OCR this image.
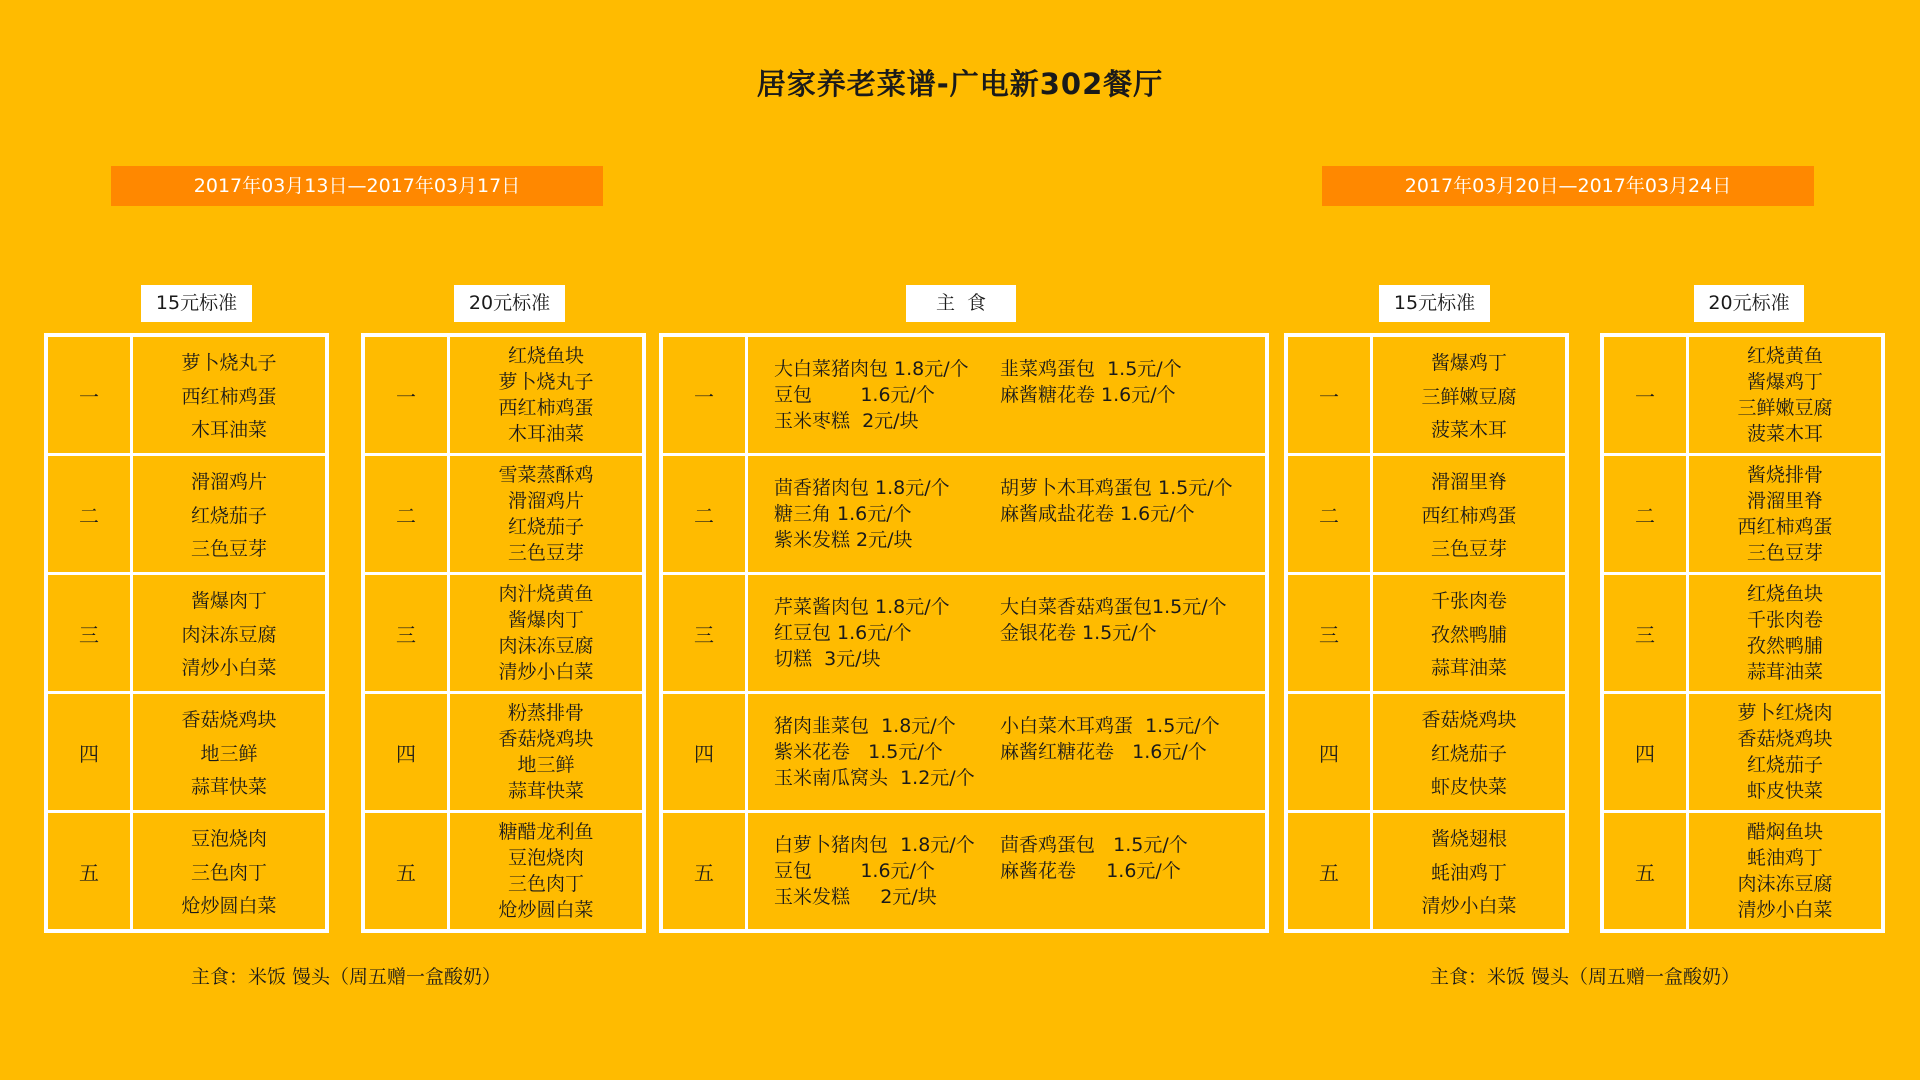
居家养老菜谱-广电新302餐厅
2017年03月13日—2017年03月17日	2017年03月20日—2017年03月24日
15元标准	20元标准	主  食	15元标准	20元标准
一
萝卜烧丸子
西红柿鸡蛋
木耳油菜
二
滑溜鸡片
红烧茄子
三色豆芽
三
酱爆肉丁
肉沫冻豆腐
清炒小白菜
四
香菇烧鸡块
地三鲜
蒜茸快菜
五
豆泡烧肉
三色肉丁
炝炒圆白菜
一
红烧鱼块
萝卜烧丸子
西红柿鸡蛋
木耳油菜
二
雪菜蒸酥鸡
滑溜鸡片
红烧茄子
三色豆芽
三
肉汁烧黄鱼
酱爆肉丁
肉沫冻豆腐
清炒小白菜
四
粉蒸排骨
香菇烧鸡块
地三鲜
蒜茸快菜
五
糖醋龙利鱼
豆泡烧肉
三色肉丁
炝炒圆白菜
一
大白菜猪肉包 1.8元/个	韭菜鸡蛋包  1.5元/个
豆包        1.6元/个	麻酱糖花卷 1.6元/个
玉米枣糕  2元/块
二
茴香猪肉包 1.8元/个	胡萝卜木耳鸡蛋包 1.5元/个
糖三角 1.6元/个	麻酱咸盐花卷 1.6元/个
紫米发糕 2元/块
三
芹菜酱肉包 1.8元/个	大白菜香菇鸡蛋包1.5元/个
红豆包 1.6元/个	金银花卷 1.5元/个
切糕  3元/块
四
猪肉韭菜包  1.8元/个	小白菜木耳鸡蛋  1.5元/个
紫米花卷   1.5元/个	麻酱红糖花卷   1.6元/个
玉米南瓜窝头  1.2元/个
五
白萝卜猪肉包  1.8元/个	茴香鸡蛋包   1.5元/个
豆包        1.6元/个	麻酱花卷     1.6元/个
玉米发糕     2元/块
一
酱爆鸡丁
三鲜嫩豆腐
菠菜木耳
二
滑溜里脊
西红柿鸡蛋
三色豆芽
三
千张肉卷
孜然鸭脯
蒜茸油菜
四
香菇烧鸡块
红烧茄子
虾皮快菜
五
酱烧翅根
蚝油鸡丁
清炒小白菜
一
红烧黄鱼
酱爆鸡丁
三鲜嫩豆腐
菠菜木耳
二
酱烧排骨
滑溜里脊
西红柿鸡蛋
三色豆芽
三
红烧鱼块
千张肉卷
孜然鸭脯
蒜茸油菜
四
萝卜红烧肉
香菇烧鸡块
红烧茄子
虾皮快菜
五
醋焖鱼块
蚝油鸡丁
肉沫冻豆腐
清炒小白菜
主食：米饭 馒头（周五赠一盒酸奶）	主食：米饭 馒头（周五赠一盒酸奶）
